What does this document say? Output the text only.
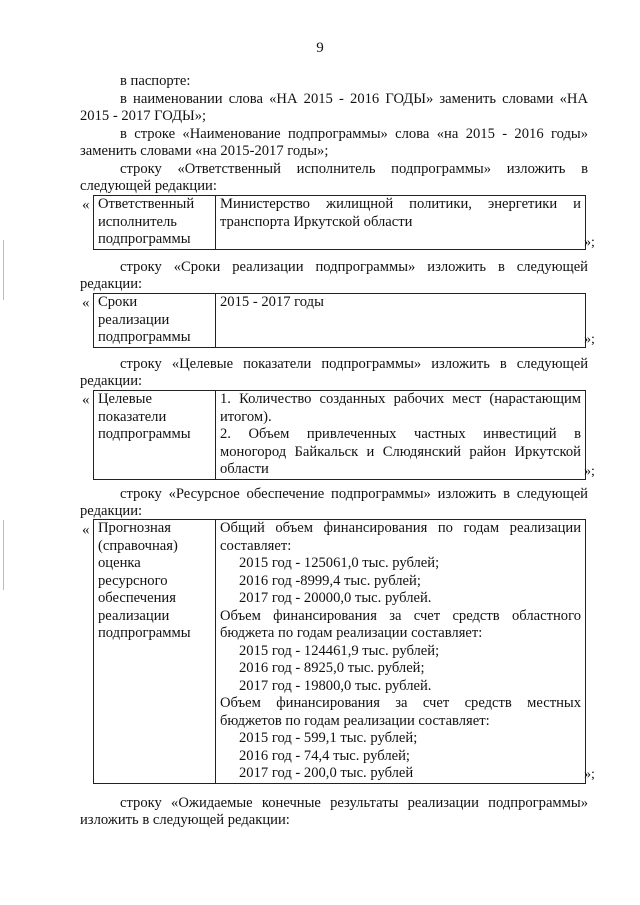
9
в паспорте:
в наименовании слова «НА 2015 - 2016 ГОДЫ» заменить словами «НА
2015 - 2017 ГОДЫ»;
в строке «Наименование подпрограммы» слова «на 2015 - 2016 годы»
заменить словами «на 2015-2017 годы»;
строку «Ответственный исполнитель подпрограммы» изложить в
следующей редакции:
« Ответственный
исполнитель
подпрограммы

Министерство жилищной политики, энергетики и
транспорта Иркутской области
»;
строку «Сроки реализации подпрограммы» изложить в следующей
редакции:
« Сроки
реализации
подпрограммы

2015 - 2017 годы
»;
строку «Целевые показатели подпрограммы» изложить в следующей
редакции:
« Целевые
показатели
подпрограммы

1. Количество созданных рабочих мест (нарастающим
итогом).
2. Объем привлеченных частных инвестиций в
моногород Байкальск и Слюдянский район Иркутской
области	»;
строку «Ресурсное обеспечение подпрограммы» изложить в следующей
редакции:
« Прогнозная
(справочная)
оценка
ресурсного
обеспечения
реализации
подпрограммы

Общий объем финансирования по годам реализации
составляет:
2015 год - 125061,0 тыс. рублей;
2016 год -8999,4 тыс. рублей;
2017 год - 20000,0 тыс. рублей.
Объем финансирования за счет средств областного
бюджета по годам реализации составляет:
2015 год - 124461,9 тыс. рублей;
2016 год - 8925,0 тыс. рублей;
2017 год - 19800,0 тыс. рублей.
Объем финансирования за счет средств местных
бюджетов по годам реализации составляет:
2015 год - 599,1 тыс. рублей;
2016 год - 74,4 тыс. рублей;
2017 год - 200,0 тыс. рублей	»;
строку «Ожидаемые конечные результаты реализации подпрограммы»
изложить в следующей редакции:
